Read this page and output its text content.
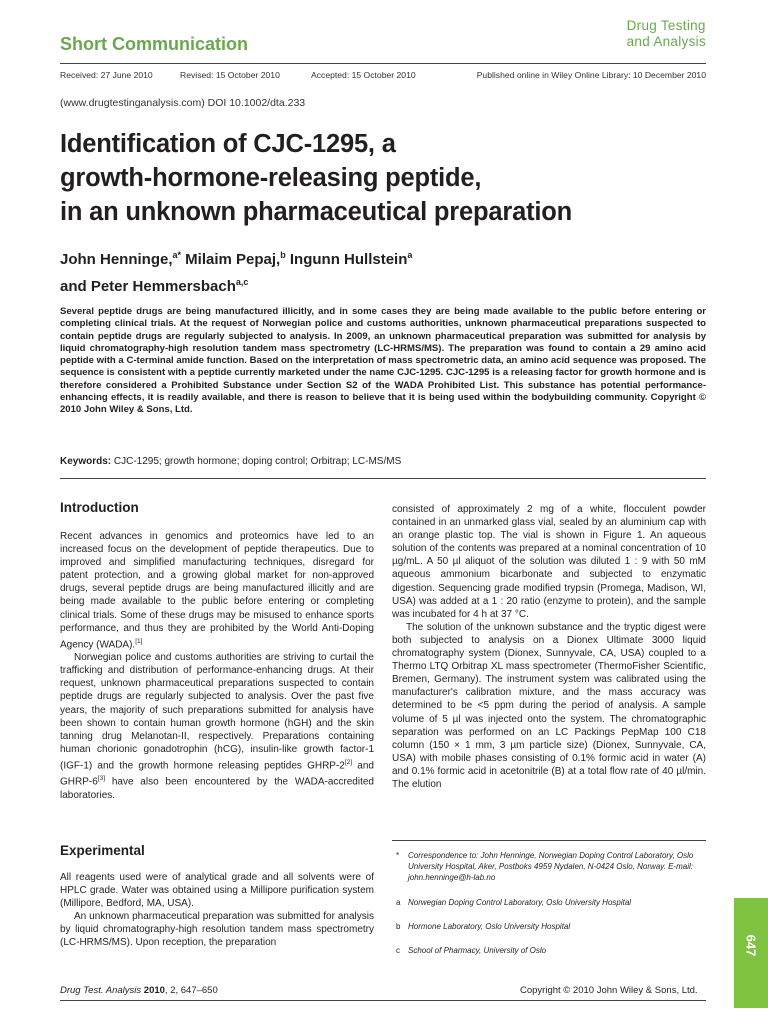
Short Communication
Drug Testing
and Analysis
Received: 27 June 2010	Revised: 15 October 2010	Accepted: 15 October 2010	Published online in Wiley Online Library: 10 December 2010
(www.drugtestinganalysis.com) DOI 10.1002/dta.233
Identification of CJC-1295, a
growth-hormone-releasing peptide,
in an unknown pharmaceutical preparation
John Henninge,$^{a*}$ Milaim Pepaj,$^b$ Ingunn Hullstein$^a$
and Peter Hemmersbach$^{a,c}$
Several peptide drugs are being manufactured illicitly, and in some cases they are being made available to the public before entering or completing clinical trials. At the request of Norwegian police and customs authorities, unknown pharmaceutical preparations suspected to contain peptide drugs are regularly subjected to analysis. In 2009, an unknown pharmaceutical preparation was submitted for analysis by liquid chromatography-high resolution tandem mass spectrometry (LC-HRMS/MS). The preparation was found to contain a 29 amino acid peptide with a C-terminal amide function. Based on the interpretation of mass spectrometric data, an amino acid sequence was proposed. The sequence is consistent with a peptide currently marketed under the name CJC-1295. CJC-1295 is a releasing factor for growth hormone and is therefore considered a Prohibited Substance under Section S2 of the WADA Prohibited List. This substance has potential performance-enhancing effects, it is readily available, and there is reason to believe that it is being used within the bodybuilding community. Copyright © 2010 John Wiley & Sons, Ltd.
Keywords: CJC-1295; growth hormone; doping control; Orbitrap; LC-MS/MS
Introduction

Recent advances in genomics and proteomics have led to an increased focus on the development of peptide therapeutics. Due to improved and simplified manufacturing techniques, disregard for patent protection, and a growing global market for non-approved drugs, several peptide drugs are being manufactured illicitly and are being made available to the public before entering or completing clinical trials. Some of these drugs may be misused to enhance sports performance, and thus they are prohibited by the World Anti-Doping Agency (WADA).[1]

Norwegian police and customs authorities are striving to curtail the trafficking and distribution of performance-enhancing drugs. At their request, unknown pharmaceutical preparations suspected to contain peptide drugs are regularly subjected to analysis. Over the past five years, the majority of such preparations submitted for analysis have been shown to contain human growth hormone (hGH) and the skin tanning drug Melanotan-II, respectively. Preparations containing human chorionic gonadotrophin (hCG), insulin-like growth factor-1 (IGF-1) and the growth hormone releasing peptides GHRP-2[2] and GHRP-6[3] have also been encountered by the WADA-accredited laboratories.

Experimental

All reagents used were of analytical grade and all solvents were of HPLC grade. Water was obtained using a Millipore purification system (Millipore, Bedford, MA, USA).

An unknown pharmaceutical preparation was submitted for analysis by liquid chromatography-high resolution tandem mass spectrometry (LC-HRMS/MS). Upon reception, the preparation

consisted of approximately 2 mg of a white, flocculent powder contained in an unmarked glass vial, sealed by an aluminium cap with an orange plastic top. The vial is shown in Figure 1. An aqueous solution of the contents was prepared at a nominal concentration of 10 µg/mL. A 50 µl aliquot of the solution was diluted 1 : 9 with 50 mM aqueous ammonium bicarbonate and subjected to enzymatic digestion. Sequencing grade modified trypsin (Promega, Madison, WI, USA) was added at a 1 : 20 ratio (enzyme to protein), and the sample was incubated for 4 h at 37 °C.

The solution of the unknown substance and the tryptic digest were both subjected to analysis on a Dionex Ultimate 3000 liquid chromatography system (Dionex, Sunnyvale, CA, USA) coupled to a Thermo LTQ Orbitrap XL mass spectrometer (ThermoFisher Scientific, Bremen, Germany). The instrument system was calibrated using the manufacturer's calibration mixture, and the mass accuracy was determined to be <5 ppm during the period of analysis. A sample volume of 5 µl was injected onto the system. The chromatographic separation was performed on an LC Packings PepMap 100 C18 column (150 × 1 mm, 3 µm particle size) (Dionex, Sunnyvale, CA, USA) with mobile phases consisting of 0.1% formic acid in water (A) and 0.1% formic acid in acetonitrile (B) at a total flow rate of 40 µl/min. The elution

* Correspondence to: John Henninge, Norwegian Doping Control Laboratory, Oslo University Hospital, Aker, Postboks 4959 Nydalen, N-0424 Oslo, Norway. E-mail: john.henninge@h-lab.no
a Norwegian Doping Control Laboratory, Oslo University Hospital
b Hormone Laboratory, Oslo University Hospital
c School of Pharmacy, University of Oslo
Drug Test. Analysis 2010, 2, 647–650	Copyright © 2010 John Wiley & Sons, Ltd.
647
